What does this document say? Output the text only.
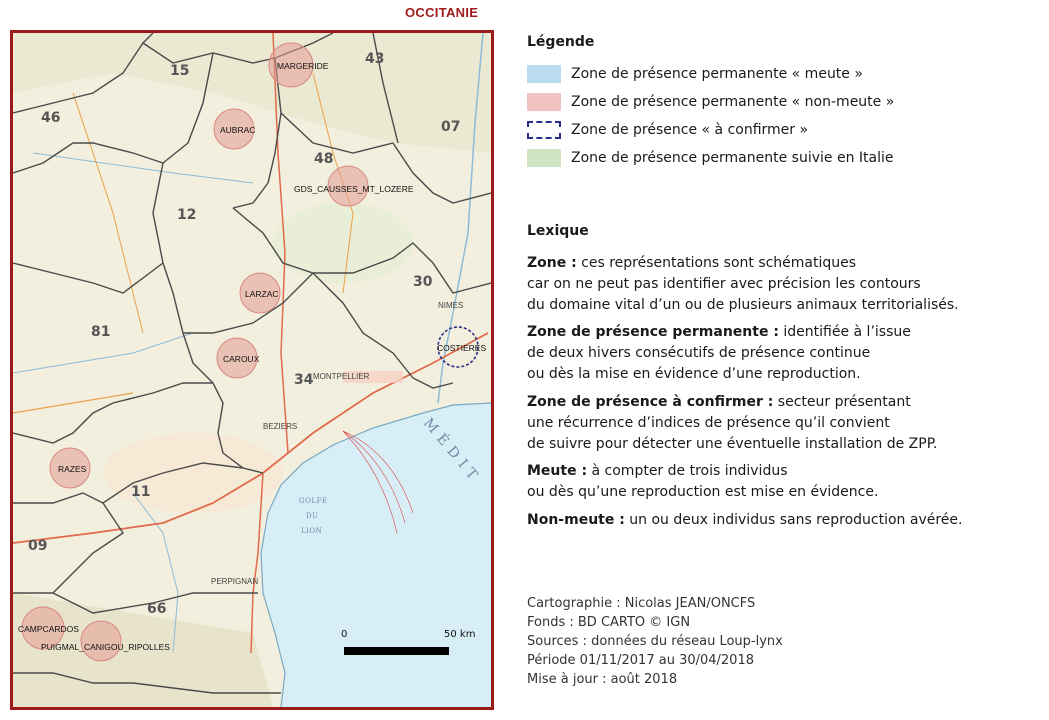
OCCITANIE
MONTPELLIER
NIMES
BEZIERS
PERPIGNAN
15
43
46
07
48
12
30
81
34
11
09
66
GOLFE
DU
LION
MÉDIT
MARGERIDE
AUBRAC
GDS_CAUSSES_MT_LOZERE
LARZAC
CAROUX
RAZES
CAMPCARDOS
PUIGMAL_CANIGOU_RIPOLLES
COSTIERES
0	50 km
Légende
Zone de présence permanente « meute »
Zone de présence permanente « non-meute »
Zone de présence « à confirmer »
Zone de présence permanente suivie en Italie
Lexique
Zone : ces représentations sont schématiques
car on ne peut pas identifier avec précision les contours
du domaine vital d’un ou de plusieurs animaux territorialisés.
Zone de présence permanente : identifiée à l’issue
de deux hivers consécutifs de présence continue
ou dès la mise en évidence d’une reproduction.
Zone de présence à confirmer : secteur présentant
une récurrence d’indices de présence qu’il convient
de suivre pour détecter une éventuelle installation de ZPP.
Meute : à compter de trois individus
ou dès qu’une reproduction est mise en évidence.
Non-meute : un ou deux individus sans reproduction avérée.
Cartographie : Nicolas JEAN/ONCFS
Fonds : BD CARTO © IGN
Sources : données du réseau Loup-lynx
Période 01/11/2017 au 30/04/2018
Mise à jour : août 2018
